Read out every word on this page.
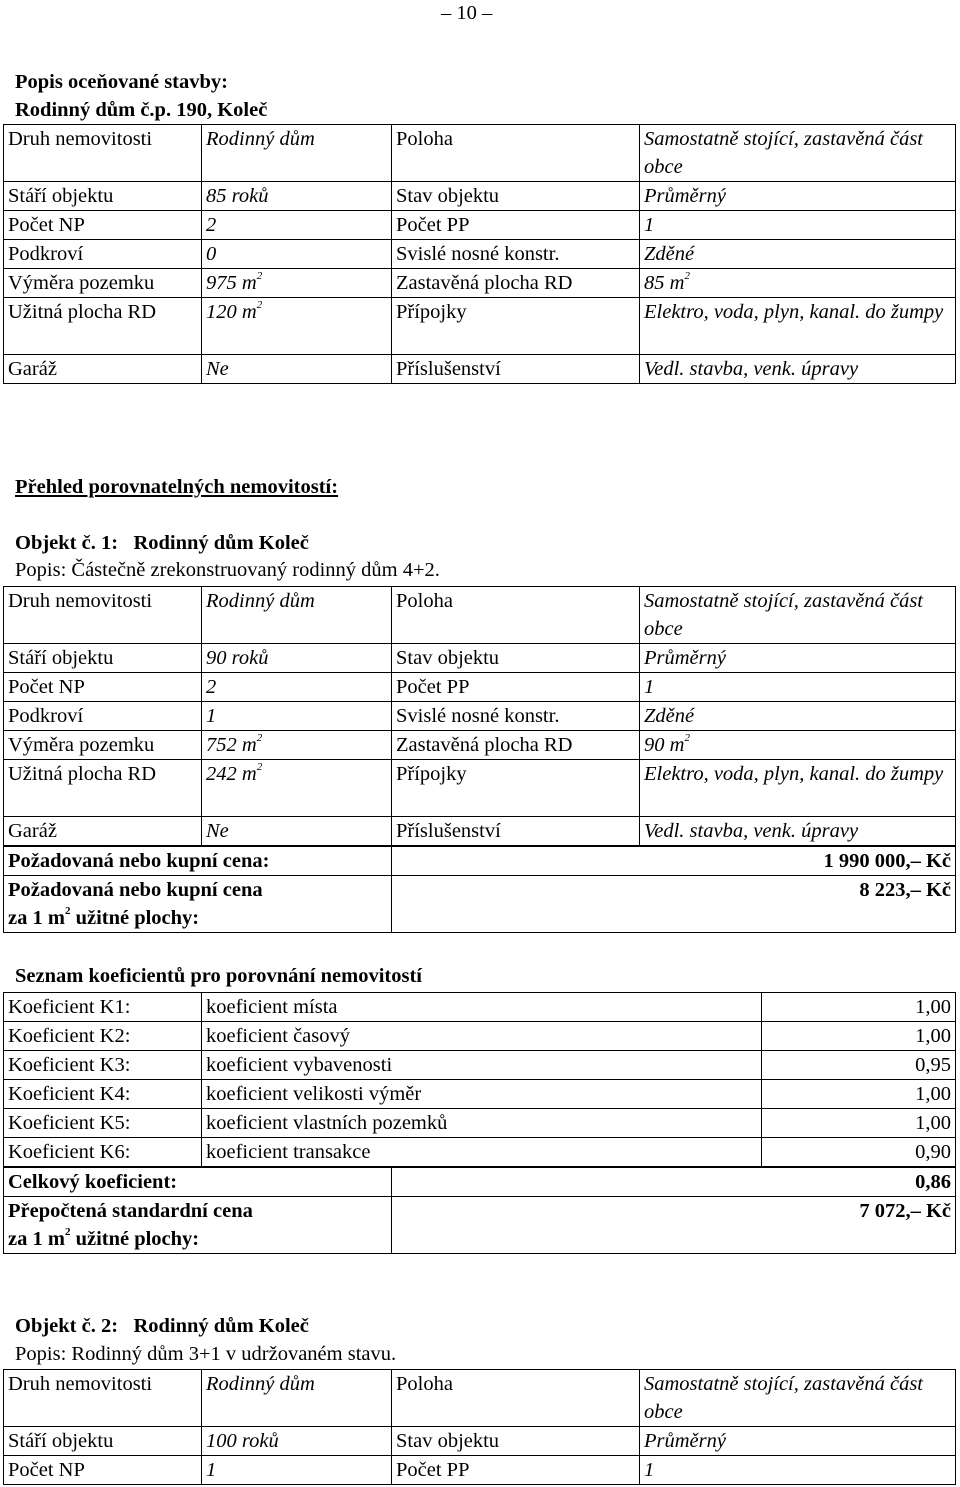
– 10 –
Popis oceňované stavby:
Rodinný dům č.p. 190, Koleč
Druh nemovitosti	Rodinný dům	Poloha	Samostatně stojící, zastavěná část obce
Stáří objektu	85 roků	Stav objektu	Průměrný
Počet NP	2	Počet PP	1
Podkroví	0	Svislé nosné konstr.	Zděné
Výměra pozemku	975 $m^2$	Zastavěná plocha RD	85 $m^2$
Užitná plocha RD	120 $m^2$	Přípojky	Elektro, voda, plyn, kanal. do žumpy
Garáž	Ne	Příslušenství	Vedl. stavba, venk. úpravy
Přehled porovnatelných nemovitostí:
Objekt č. 1: Rodinný dům Koleč
Popis: Částečně zrekonstruovaný rodinný dům 4+2.
Druh nemovitosti	Rodinný dům	Poloha	Samostatně stojící, zastavěná část obce
Stáří objektu	90 roků	Stav objektu	Průměrný
Počet NP	2	Počet PP	1
Podkroví	1	Svislé nosné konstr.	Zděné
Výměra pozemku	752 $m^2$	Zastavěná plocha RD	90 $m^2$
Užitná plocha RD	242 $m^2$	Přípojky	Elektro, voda, plyn, kanal. do žumpy
Garáž	Ne	Příslušenství	Vedl. stavba, venk. úpravy
Požadovaná nebo kupní cena:	1 990 000,– Kč
Požadovaná nebo kupní cena
za 1 $m^2$ užitné plochy:	8 223,– Kč
Seznam koeficientů pro porovnání nemovitostí
Koeficient K1:	koeficient místa	1,00
Koeficient K2:	koeficient časový	1,00
Koeficient K3:	koeficient vybavenosti	0,95
Koeficient K4:	koeficient velikosti výměr	1,00
Koeficient K5:	koeficient vlastních pozemků	1,00
Koeficient K6:	koeficient transakce	0,90
Celkový koeficient:	0,86
Přepočtená standardní cena
za 1 $m^2$ užitné plochy:	7 072,– Kč
Objekt č. 2: Rodinný dům Koleč
Popis: Rodinný dům 3+1 v udržovaném stavu.
Druh nemovitosti	Rodinný dům	Poloha	Samostatně stojící, zastavěná část obce
Stáří objektu	100 roků	Stav objektu	Průměrný
Počet NP	1	Počet PP	1
